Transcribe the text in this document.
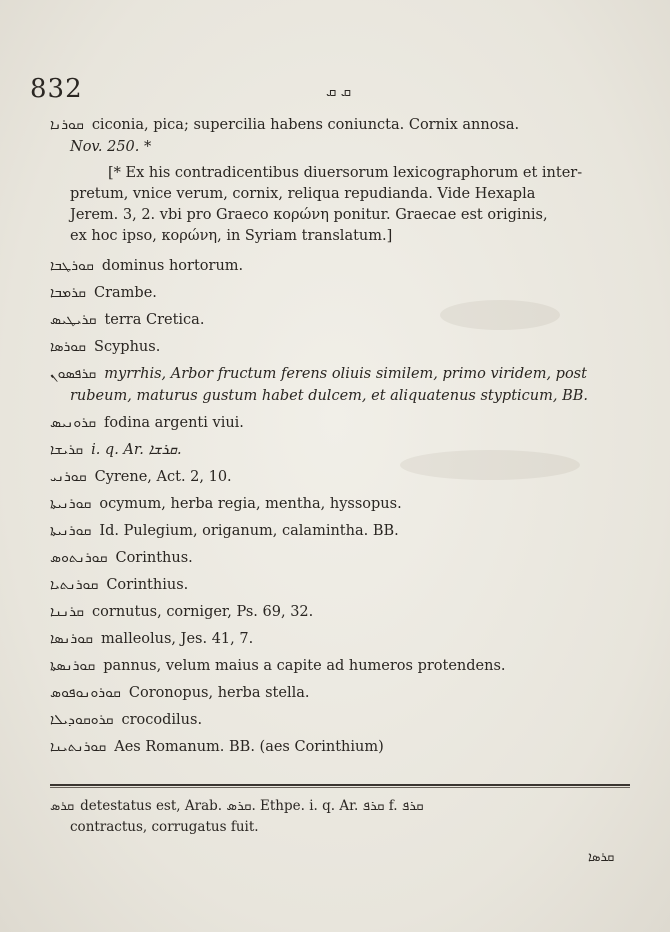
832	ܩ ܩ
ܩܘܪܢܐ ciconia, pica; supercilia habens coniuncta. Cornix annosa.
Nov. 250. *
[* Ex his contradicentibus diuersorum lexicographorum et inter-
pretum, vnice verum, cornix, reliqua repudianda. Vide Hexapla
Jerem. 3, 2. vbi pro Graeco κορώνη ponitur. Graecae est originis,
ex hoc ipso, κορώνη, in Syriam translatum.]
ܩܘܪܛܒܐ dominus hortorum.
ܩܪܡܒܐ Crambe.
ܩܪܝܛܝܣ terra Cretica.
ܩܘܪܣܐ Scyphus.
ܩܪܦܣܘܢ myrrhis, Arbor fructum ferens oliuis similem, primo viridem, post
rubeum, maturus gustum habet dulcem, et aliquatenus stypticum, BB.
ܩܪܘܢܝܣ fodina argenti viui.
ܩܪܝܫܐ i. q. Ar. ܩܪܫܐ.
ܩܘܪܢܝ Cyrene, Act. 2, 10.
ܩܘܪܢܝܬܐ ocymum, herba regia, mentha, hyssopus.
ܩܘܪܢܝܬܐ Id. Pulegium, origanum, calamintha. BB.
ܩܘܪܢܬܘܣ Corinthus.
ܩܘܪܢܬܝܐ Corinthius.
ܩܪܢܢܐ cornutus, corniger, Ps. 69, 32.
ܩܘܪܢܣܐ malleolus, Jes. 41, 7.
ܩܘܪܢܣܬܐ pannus, velum maius a capite ad humeros protendens.
ܩܘܪܘܢܘܦܘܣ Coronopus, herba stella.
ܩܪܘܩܘܕܝܠܐ crocodilus.
ܩܘܪܢܬܝܢܐ Aes Romanum. BB. (aes Corinthium)
ܩܪܣ detestatus est, Arab. ܩܪܣ. Ethpe. i. q. Ar. ܩܪܦ f. ܩܪܦ
contractus, corrugatus fuit.
ܩܪܣܐ
